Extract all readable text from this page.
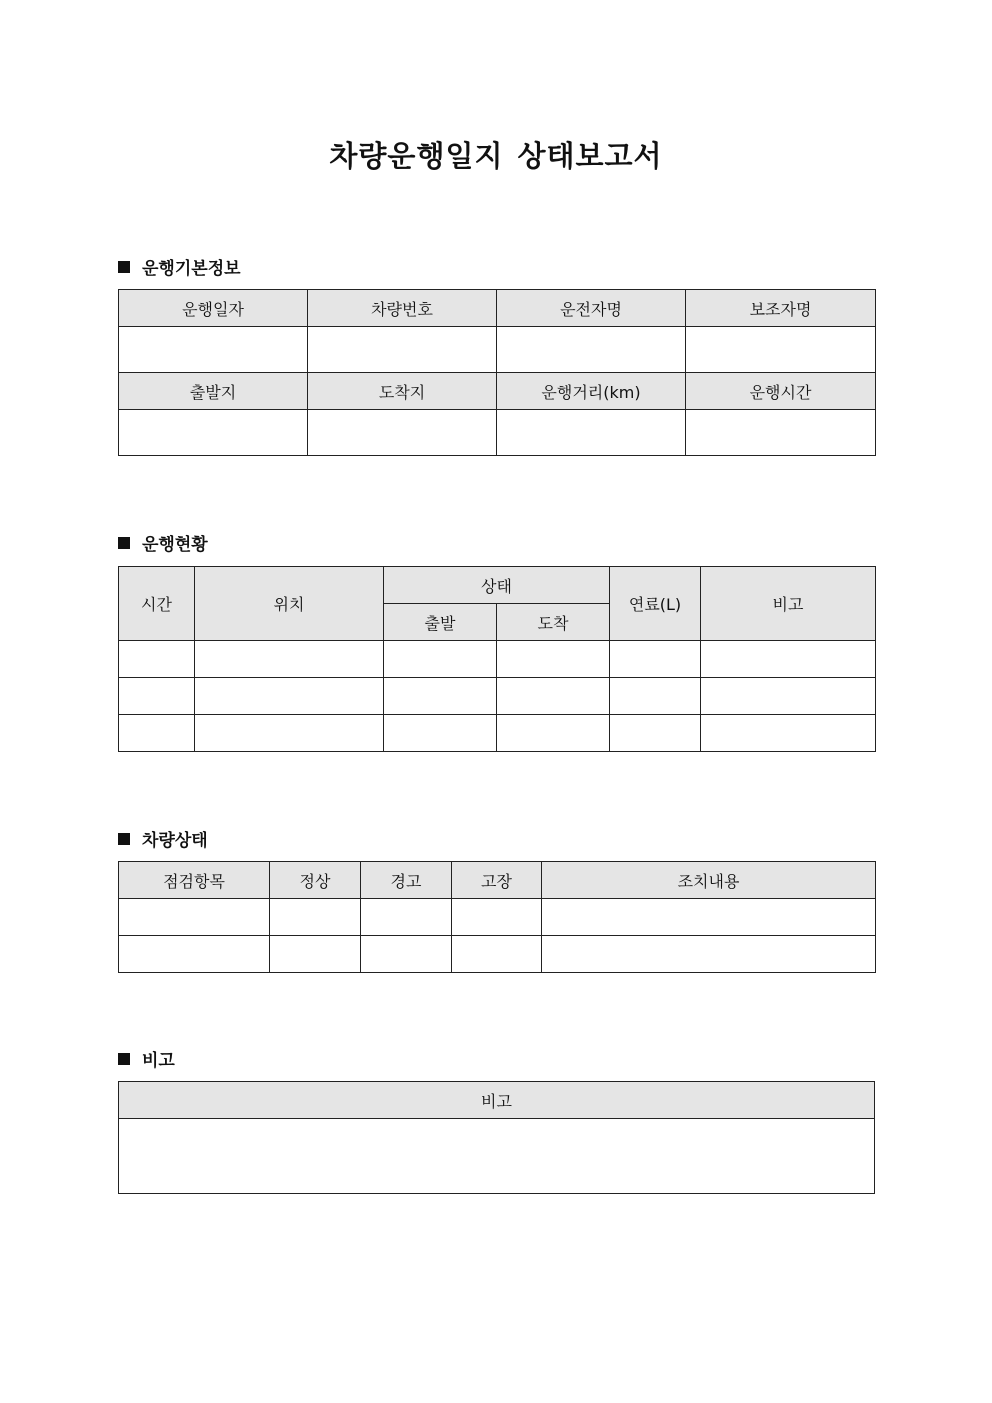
차량운행일지 상태보고서
운행기본정보
운행일자	차량번호	운전자명	보조자명

출발지	도착지	운행거리(km)	운행시간

운행현황
시간	위치	상태		연료(L)	비고
		출발	도착		

차량상태
점검항목	정상	경고	고장	조치내용

비고
비고
